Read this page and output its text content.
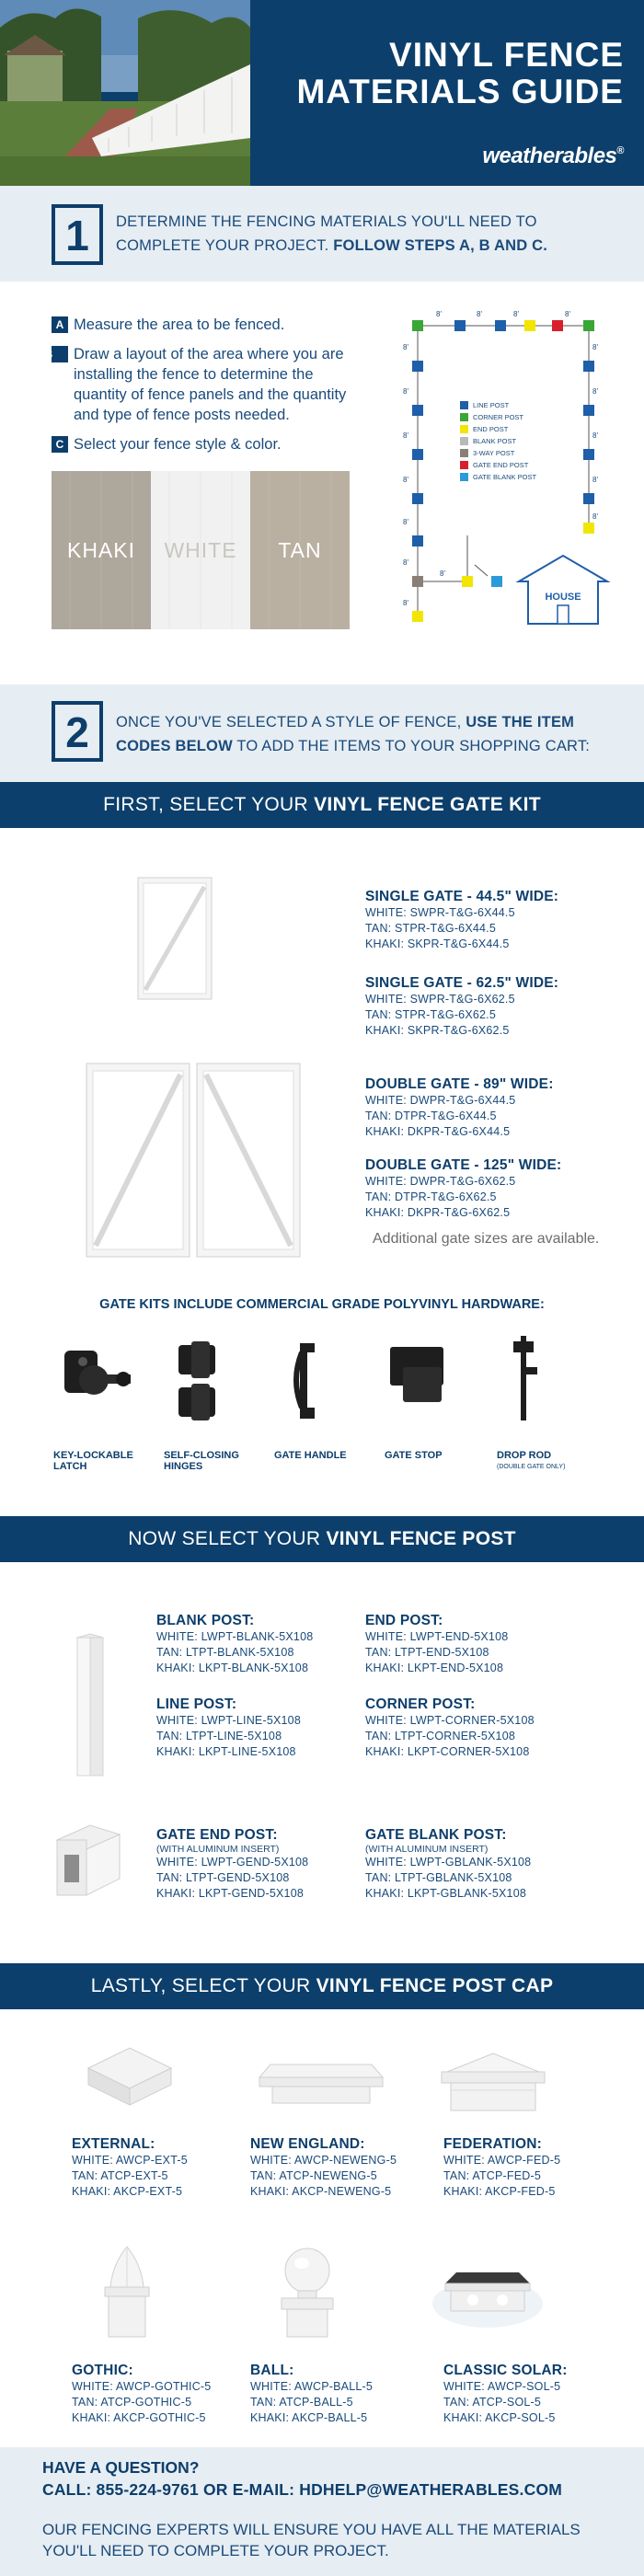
VINYL FENCE
MATERIALS GUIDE
weatherables®
1	DETERMINE THE FENCING MATERIALS YOU'LL NEED TO COMPLETE YOUR PROJECT. FOLLOW STEPS A, B AND C.
A Measure the area to be fenced.
B Draw a layout of the area where you are installing the fence to determine the quantity of fence panels and the quantity and type of fence posts needed.
C Select your fence style & color.
KHAKI WHITE TAN
8'	8'	8'	8'
8'
8'
8'
8'
8'
8'
8'
8'
8'
8'
8'
8'
8'
HOUSE
LINE POST
CORNER POST
END POST
BLANK POST
3-WAY POST
GATE END POST
GATE BLANK POST
2	ONCE YOU'VE SELECTED A STYLE OF FENCE, USE THE ITEM CODES BELOW TO ADD THE ITEMS TO YOUR SHOPPING CART:
FIRST, SELECT YOUR VINYL FENCE GATE KIT
SINGLE GATE - 44.5" WIDE:
WHITE: SWPR-T&G-6X44.5
TAN: STPR-T&G-6X44.5
KHAKI: SKPR-T&G-6X44.5
SINGLE GATE - 62.5" WIDE:
WHITE: SWPR-T&G-6X62.5
TAN: STPR-T&G-6X62.5
KHAKI: SKPR-T&G-6X62.5
DOUBLE GATE - 89" WIDE:
WHITE: DWPR-T&G-6X44.5
TAN: DTPR-T&G-6X44.5
KHAKI: DKPR-T&G-6X44.5
DOUBLE GATE - 125" WIDE:
WHITE: DWPR-T&G-6X62.5
TAN: DTPR-T&G-6X62.5
KHAKI: DKPR-T&G-6X62.5
Additional gate sizes are available.
GATE KITS INCLUDE COMMERCIAL GRADE POLYVINYL HARDWARE:
KEY-LOCKABLE LATCH
SELF-CLOSING HINGES
GATE HANDLE	GATE STOP	DROP ROD
(DOUBLE GATE ONLY)
NOW SELECT YOUR VINYL FENCE POST
BLANK POST:
WHITE: LWPT-BLANK-5X108
TAN: LTPT-BLANK-5X108
KHAKI: LKPT-BLANK-5X108
END POST:
WHITE: LWPT-END-5X108
TAN: LTPT-END-5X108
KHAKI: LKPT-END-5X108
LINE POST:
WHITE: LWPT-LINE-5X108
TAN: LTPT-LINE-5X108
KHAKI: LKPT-LINE-5X108
CORNER POST:
WHITE: LWPT-CORNER-5X108
TAN: LTPT-CORNER-5X108
KHAKI: LKPT-CORNER-5X108
GATE END POST:
(WITH ALUMINUM INSERT)
WHITE: LWPT-GEND-5X108
TAN: LTPT-GEND-5X108
KHAKI: LKPT-GEND-5X108
GATE BLANK POST:
(WITH ALUMINUM INSERT)
WHITE: LWPT-GBLANK-5X108
TAN: LTPT-GBLANK-5X108
KHAKI: LKPT-GBLANK-5X108
LASTLY, SELECT YOUR VINYL FENCE POST CAP
EXTERNAL:
WHITE: AWCP-EXT-5
TAN: ATCP-EXT-5
KHAKI: AKCP-EXT-5
NEW ENGLAND:
WHITE: AWCP-NEWENG-5
TAN: ATCP-NEWENG-5
KHAKI: AKCP-NEWENG-5
FEDERATION:
WHITE: AWCP-FED-5
TAN: ATCP-FED-5
KHAKI: AKCP-FED-5
GOTHIC:
WHITE: AWCP-GOTHIC-5
TAN: ATCP-GOTHIC-5
KHAKI: AKCP-GOTHIC-5
BALL:
WHITE: AWCP-BALL-5
TAN: ATCP-BALL-5
KHAKI: AKCP-BALL-5
CLASSIC SOLAR:
WHITE: AWCP-SOL-5
TAN: ATCP-SOL-5
KHAKI: AKCP-SOL-5
HAVE A QUESTION?
CALL: 855-224-9761 OR E-MAIL: HDHELP@WEATHERABLES.COM
OUR FENCING EXPERTS WILL ENSURE YOU HAVE ALL THE MATERIALS YOU'LL NEED TO COMPLETE YOUR PROJECT.
